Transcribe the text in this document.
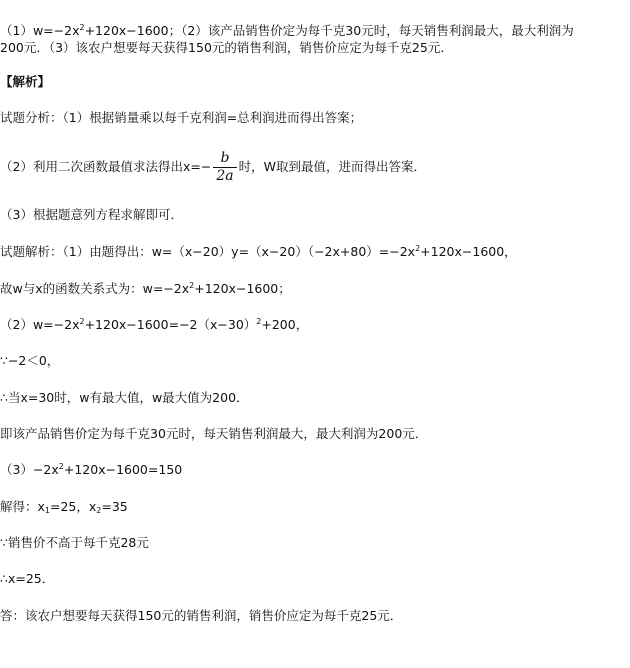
$(1)w=-2x^2+120x-1600$；（2）该产品销售价定为每千克30元时，每天销售利润最大，最大利润为
200元．（3）该农户想要每天获得150元的销售利润，销售价应定为每千克25元．
【解析】
试题分析：（1）根据销量乘以每千克利润=总利润进而得出答案；
（2）利用二次函数最值求法得出$x=- \frac{b}{2a}$ 时，W取到最值，进而得出答案．
（3）根据题意列方程求解即可．
试题解析：（1）由题得出：$w=(x-20)y=(x-20)(-2x+80)=-2x^2+120x-1600$，
故w与x的函数关系式为：$w=-2x^2+120x-1600$；
$(2)w=-2x^2+120x-1600=-2(x-30)^2+200$，
∵−2＜0，
∴当x=30时，w有最大值，w最大值为200．
即该产品销售价定为每千克30元时，每天销售利润最大，最大利润为200元．
$(3)-2x^2+120x-1600=150$
解得：$x_1=25$，$x_2=35$
∵销售价不高于每千克28元
∴x=25．
答：该农户想要每天获得150元的销售利润，销售价应定为每千克25元．
